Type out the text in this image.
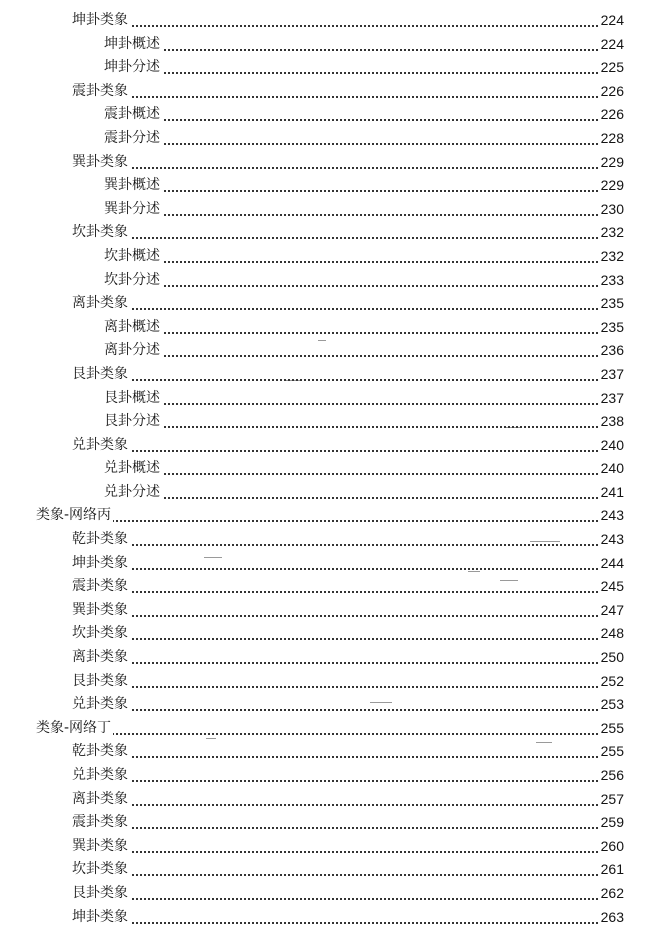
坤卦类象	224
坤卦概述	224
坤卦分述	225
震卦类象	226
震卦概述	226
震卦分述	228
巽卦类象	229
巽卦概述	229
巽卦分述	230
坎卦类象	232
坎卦概述	232
坎卦分述	233
离卦类象	235
离卦概述	235
离卦分述	236
艮卦类象	237
艮卦概述	237
艮卦分述	238
兑卦类象	240
兑卦概述	240
兑卦分述	241
类象-网络丙	243
乾卦类象	243
坤卦类象	244
震卦类象	245
巽卦类象	247
坎卦类象	248
离卦类象	250
艮卦类象	252
兑卦类象	253
类象-网络丁	255
乾卦类象	255
兑卦类象	256
离卦类象	257
震卦类象	259
巽卦类象	260
坎卦类象	261
艮卦类象	262
坤卦类象	263
